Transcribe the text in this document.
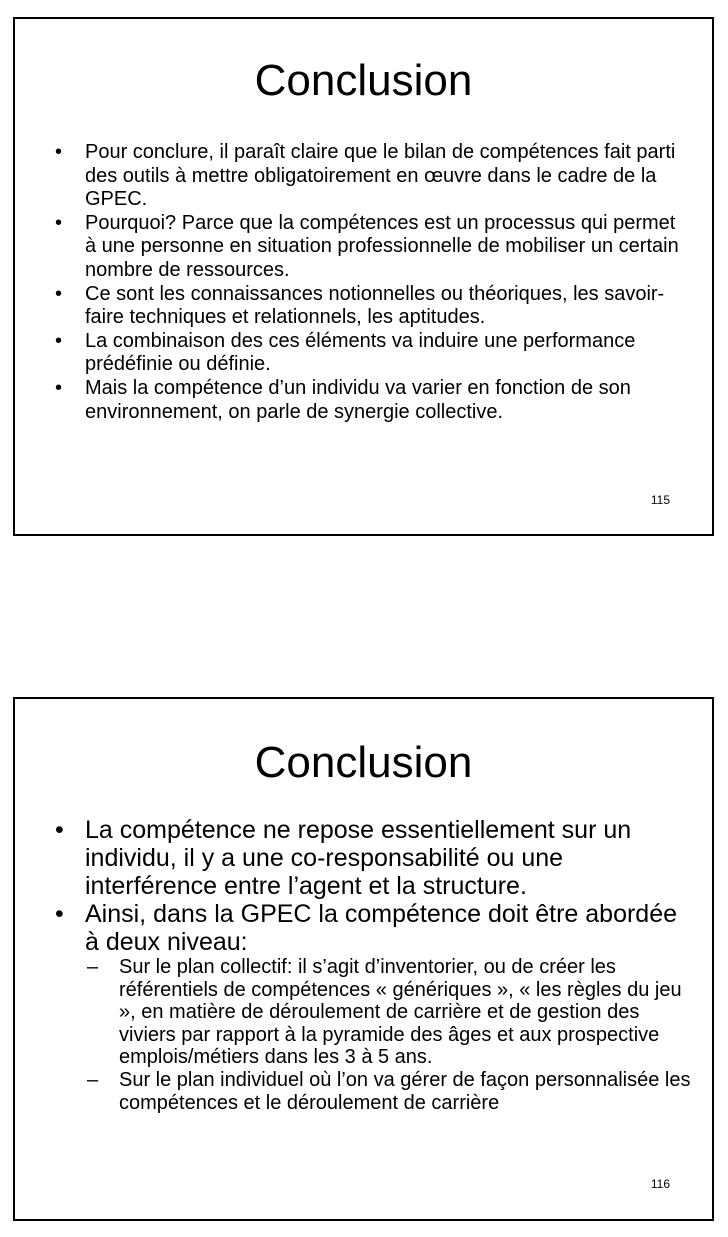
Conclusion
• Pour conclure, il paraît claire que le bilan de compétences fait parti des outils à mettre obligatoirement en œuvre dans le cadre de la GPEC.
• Pourquoi? Parce que la compétences est un processus qui permet à une personne en situation professionnelle de mobiliser un certain nombre de ressources.
• Ce sont les connaissances notionnelles ou théoriques, les savoir-faire techniques et relationnels, les aptitudes.
• La combinaison des ces éléments va induire une performance prédéfinie ou définie.
• Mais la compétence d’un individu va varier en fonction de son environnement, on parle de synergie collective.
115
Conclusion
• La compétence ne repose essentiellement sur un individu, il y a une co-responsabilité ou une interférence entre l’agent et la structure.
• Ainsi, dans la GPEC la compétence doit être abordée à deux niveau:
– Sur le plan collectif: il s’agit d’inventorier, ou de créer les référentiels de compétences « génériques », « les règles du jeu », en matière de déroulement de carrière et de gestion des viviers par rapport à la pyramide des âges et aux prospective emplois/métiers dans les 3 à 5 ans.
– Sur le plan individuel où l’on va gérer de façon personnalisée les compétences et le déroulement de carrière
116
